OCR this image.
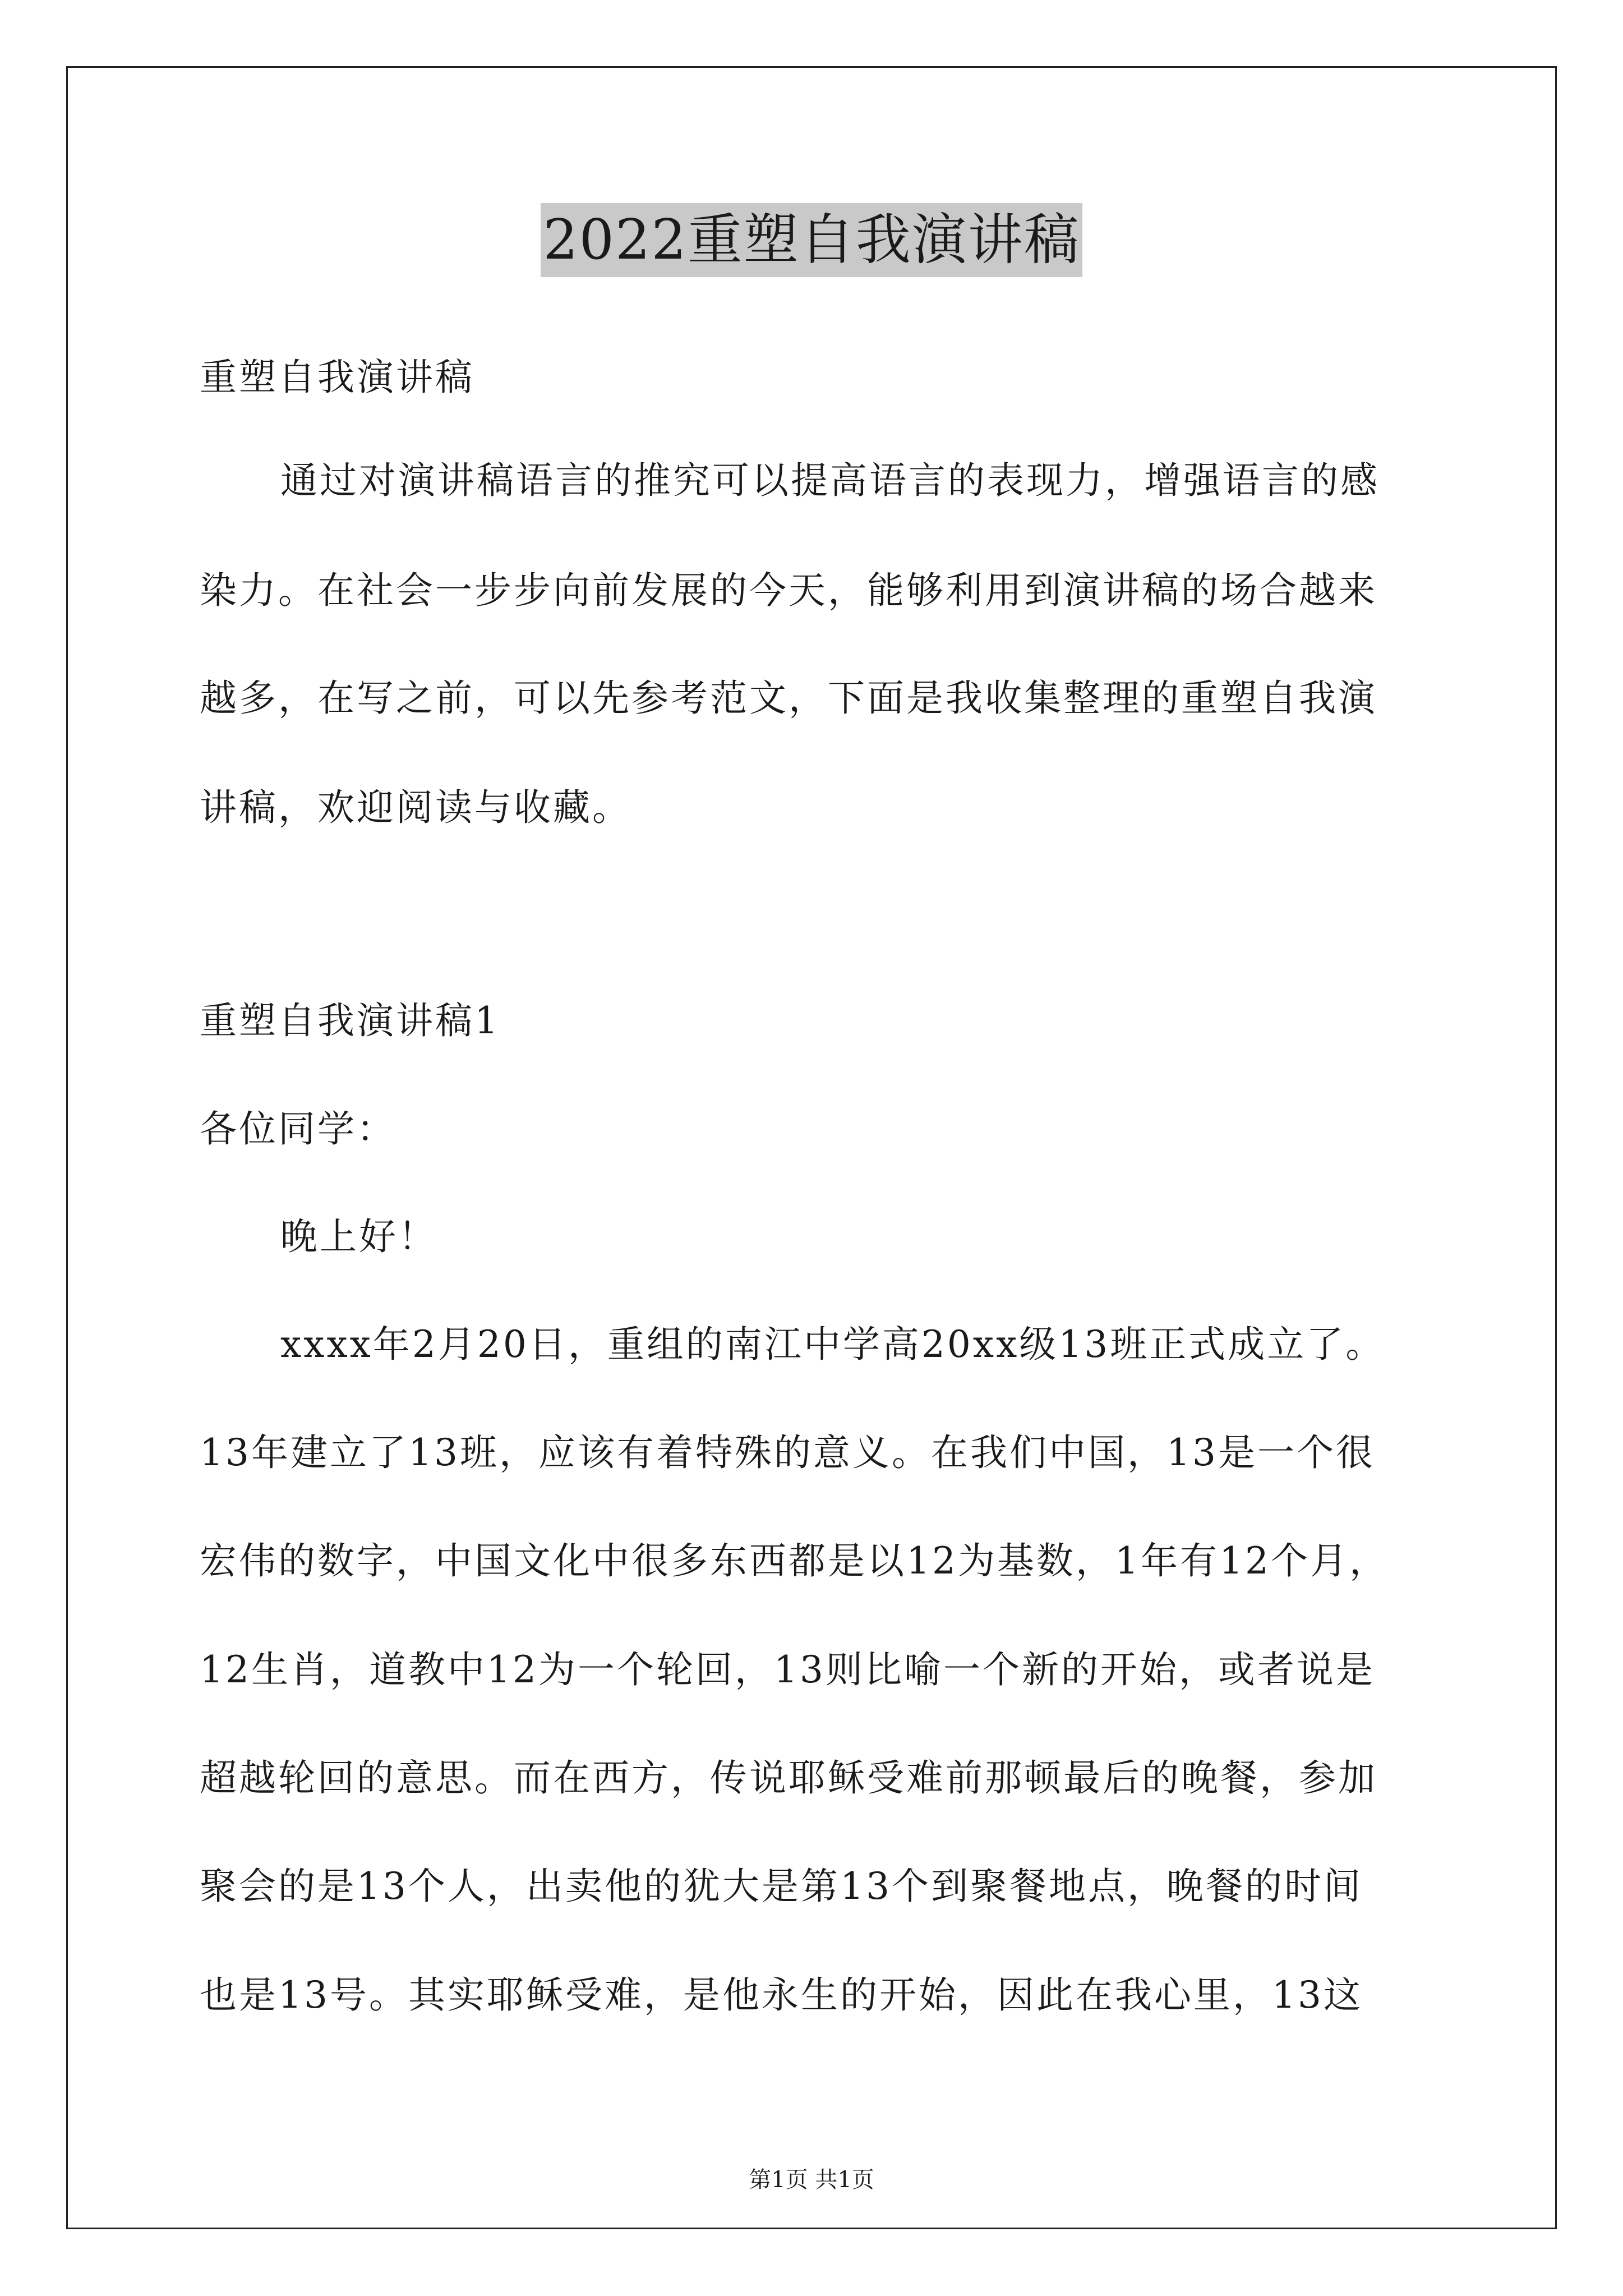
2022重塑自我演讲稿
重塑自我演讲稿
通过对演讲稿语言的推究可以提高语言的表现力，增强语言的感
染力。在社会一步步向前发展的今天，能够利用到演讲稿的场合越来
越多，在写之前，可以先参考范文，下面是我收集整理的重塑自我演
讲稿，欢迎阅读与收藏。
重塑自我演讲稿1
各位同学：
晚上好！
xxxx年2月20日，重组的南江中学高20xx级13班正式成立了。
13年建立了13班，应该有着特殊的意义。在我们中国，13是一个很
宏伟的数字，中国文化中很多东西都是以12为基数，1年有12个月，
12生肖，道教中12为一个轮回，13则比喻一个新的开始，或者说是
超越轮回的意思。而在西方，传说耶稣受难前那顿最后的晚餐，参加
聚会的是13个人，出卖他的犹大是第13个到聚餐地点，晚餐的时间
也是13号。其实耶稣受难，是他永生的开始，因此在我心里，13这
第1页 共1页
